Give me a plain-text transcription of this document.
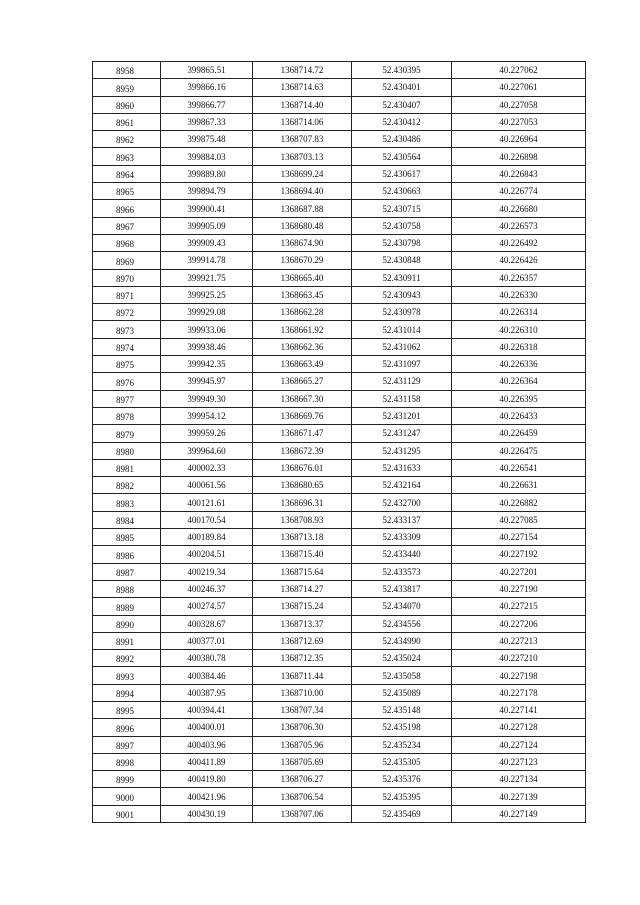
8958	399865.51	1368714.72	52.430395	40.227062
8959	399866.16	1368714.63	52.430401	40.227061
8960	399866.77	1368714.40	52.430407	40.227058
8961	399867.33	1368714.06	52.430412	40.227053
8962	399875.48	1368707.83	52.430486	40.226964
8963	399884.03	1368703.13	52.430564	40.226898
8964	399889.80	1368699.24	52.430617	40.226843
8965	399894.79	1368694.40	52.430663	40.226774
8966	399900.41	1368687.88	52.430715	40.226680
8967	399905.09	1368680.48	52.430758	40.226573
8968	399909.43	1368674.90	52.430798	40.226492
8969	399914.78	1368670.29	52.430848	40.226426
8970	399921.75	1368665.40	52.430911	40.226357
8971	399925.25	1368663.45	52.430943	40.226330
8972	399929.08	1368662.28	52.430978	40.226314
8973	399933.06	1368661.92	52.431014	40.226310
8974	399938.46	1368662.36	52.431062	40.226318
8975	399942.35	1368663.49	52.431097	40.226336
8976	399945.97	1368665.27	52.431129	40.226364
8977	399949.30	1368667.30	52.431158	40.226395
8978	399954.12	1368669.76	52.431201	40.226433
8979	399959.26	1368671.47	52.431247	40.226459
8980	399964.60	1368672.39	52.431295	40.226475
8981	400002.33	1368676.01	52.431633	40.226541
8982	400061.56	1368680.65	52.432164	40.226631
8983	400121.61	1368696.31	52.432700	40.226882
8984	400170.54	1368708.93	52.433137	40.227085
8985	400189.84	1368713.18	52.433309	40.227154
8986	400204.51	1368715.40	52.433440	40.227192
8987	400219.34	1368715.64	52.433573	40.227201
8988	400246.37	1368714.27	52.433817	40.227190
8989	400274.57	1368715.24	52.434070	40.227215
8990	400328.67	1368713.37	52.434556	40.227206
8991	400377.01	1368712.69	52.434990	40.227213
8992	400380.78	1368712.35	52.435024	40.227210
8993	400384.46	1368711.44	52.435058	40.227198
8994	400387.95	1368710.00	52.435089	40.227178
8995	400394.41	1368707.34	52.435148	40.227141
8996	400400.01	1368706.30	52.435198	40.227128
8997	400403.96	1368705.96	52.435234	40.227124
8998	400411.89	1368705.69	52.435305	40.227123
8999	400419.80	1368706.27	52.435376	40.227134
9000	400421.96	1368706.54	52.435395	40.227139
9001	400430.19	1368707.06	52.435469	40.227149
